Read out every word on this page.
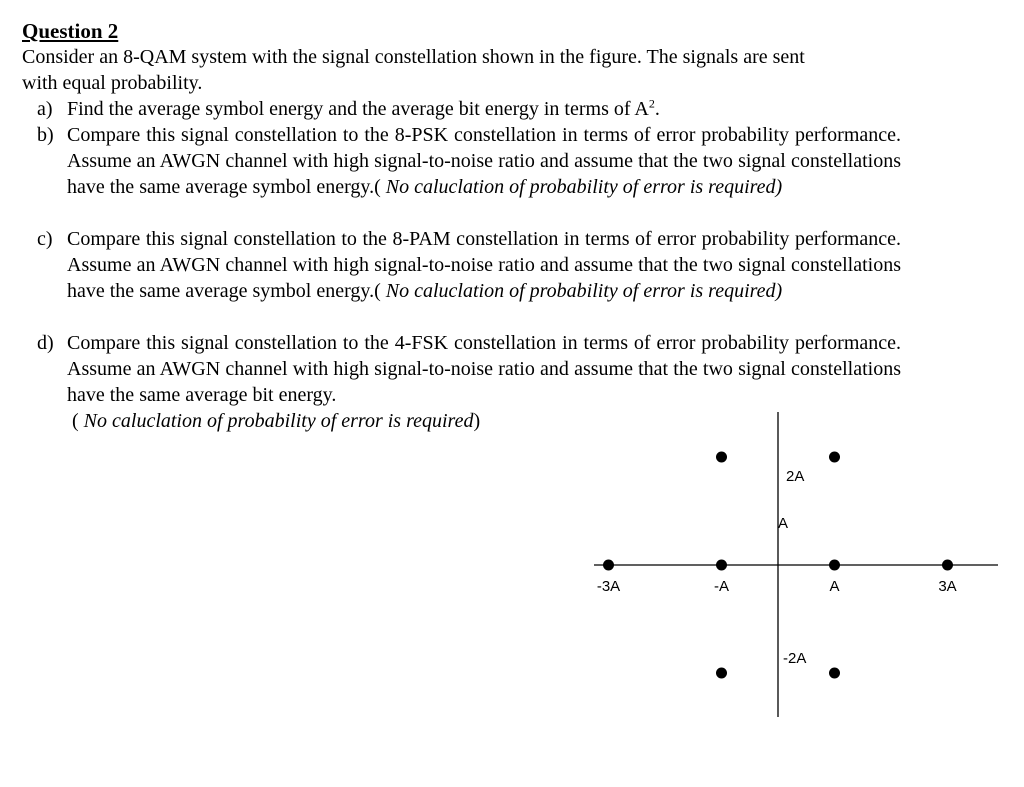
Question 2
Consider an 8-QAM system with the signal constellation shown in the figure. The signals are sent
with equal probability.
a) Find the average symbol energy and the average bit energy in terms of $A^2$.
b) Compare this signal constellation to the 8-PSK constellation in terms of error probability performance. Assume an AWGN channel with high signal-to-noise ratio and assume that the two signal constellations have the same average symbol energy.( No caluclation of probability of error is required)
c) Compare this signal constellation to the 8-PAM constellation in terms of error probability performance. Assume an AWGN channel with high signal-to-noise ratio and assume that the two signal constellations have the same average symbol energy.( No caluclation of probability of error is required)
d) Compare this signal constellation to the 4-FSK constellation in terms of error probability performance. Assume an AWGN channel with high signal-to-noise ratio and assume that the two signal constellations have the same average bit energy.
( No caluclation of probability of error is required)
-3A	-A	A	3A
2A
A
-2A
